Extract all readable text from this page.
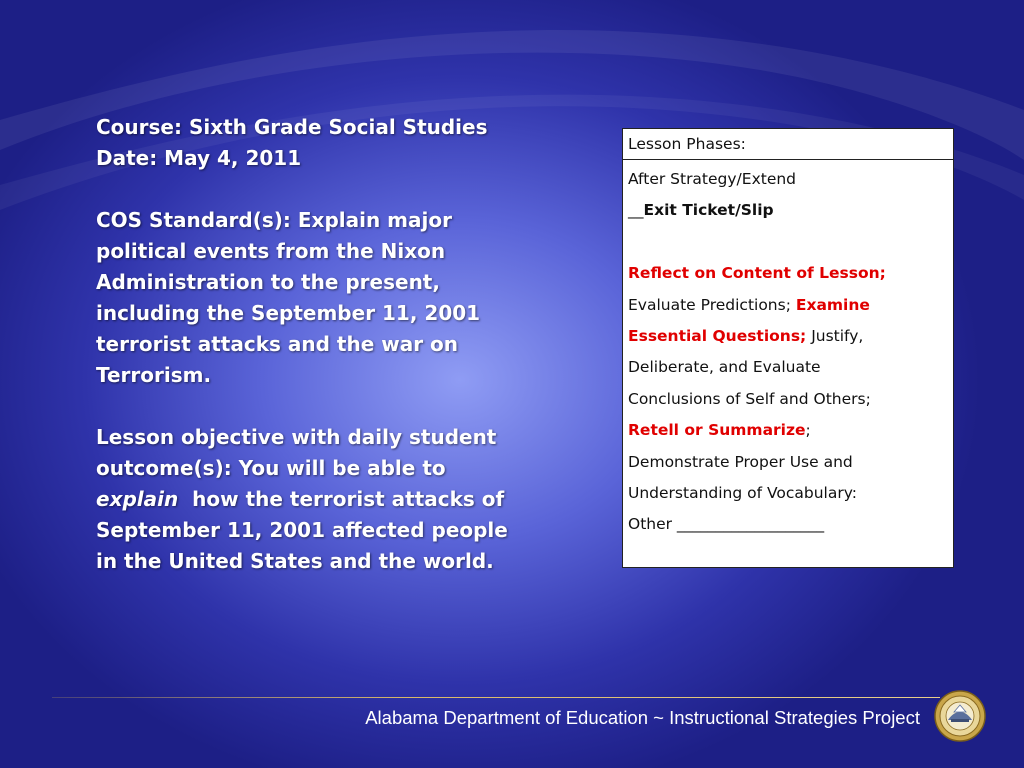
Course: Sixth Grade Social Studies

Date: May 4, 2011

COS Standard(s): Explain major

political events from the Nixon

Administration to the present,

including the September 11, 2001

terrorist attacks and the war on

Terrorism.

Lesson objective with daily student

outcome(s): You will be able to

explain  how the terrorist attacks of

September 11, 2001 affected people

in the United States and the world.

Lesson Phases:
After Strategy/Extend
__Exit Ticket/Slip

Reflect on Content of Lesson;
Evaluate Predictions; Examine
Essential Questions; Justify,
Deliberate, and Evaluate
Conclusions of Self and Others;
Retell or Summarize;
Demonstrate Proper Use and
Understanding of Vocabulary:
Other ___________________
Alabama Department of Education ~ Instructional Strategies Project
